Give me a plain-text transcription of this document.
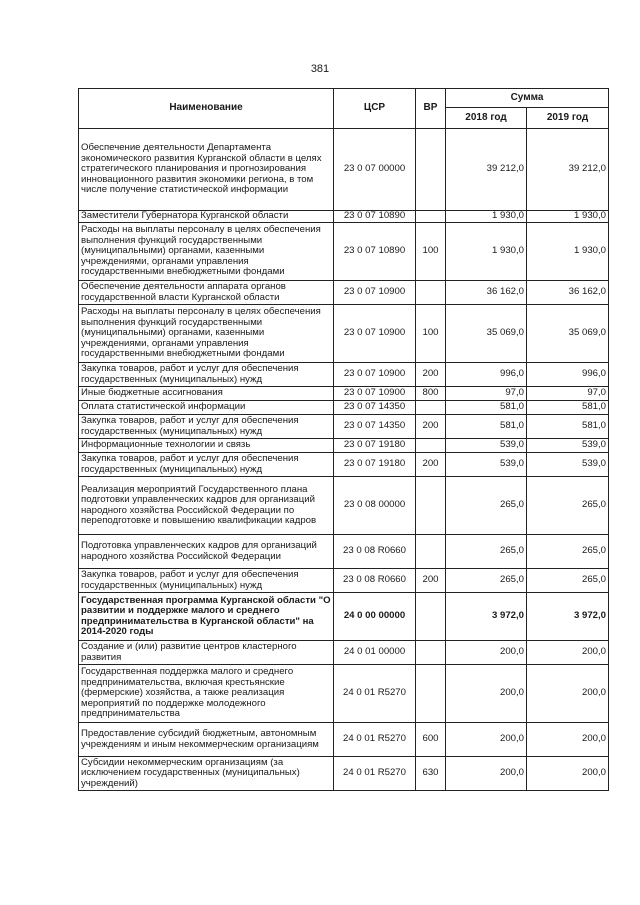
381
Наименование	ЦСР	ВР	Сумма	
			2018 год	2019 год
Обеспечение деятельности Департамента экономического развития Курганской области в целях стратегического планирования и прогнозирования инновационного развития экономики региона, в том числе получение статистической информации	23 0 07 00000		39 212,0	39 212,0
Заместители Губернатора Курганской области	23 0 07 10890		1 930,0	1 930,0
Расходы на выплаты персоналу в целях обеспечения выполнения функций государственными (муниципальными) органами, казенными учреждениями, органами управления государственными внебюджетными фондами	23 0 07 10890	100	1 930,0	1 930,0
Обеспечение деятельности аппарата органов государственной власти Курганской области	23 0 07 10900		36 162,0	36 162,0
Расходы на выплаты персоналу в целях обеспечения выполнения функций государственными (муниципальными) органами, казенными учреждениями, органами управления государственными внебюджетными фондами	23 0 07 10900	100	35 069,0	35 069,0
Закупка товаров, работ и услуг для обеспечения государственных (муниципальных) нужд	23 0 07 10900	200	996,0	996,0
Иные бюджетные ассигнования	23 0 07 10900	800	97,0	97,0
Оплата статистической информации	23 0 07 14350		581,0	581,0
Закупка товаров, работ и услуг для обеспечения государственных (муниципальных) нужд	23 0 07 14350	200	581,0	581,0
Информационные технологии и связь	23 0 07 19180		539,0	539,0
Закупка товаров, работ и услуг для обеспечения государственных (муниципальных) нужд	23 0 07 19180	200	539,0	539,0
Реализация мероприятий Государственного плана подготовки управленческих кадров для организаций народного хозяйства Российской Федерации по переподготовке и повышению квалификации кадров	23 0 08 00000		265,0	265,0
Подготовка управленческих кадров для организаций народного хозяйства Российской Федерации	23 0 08 R0660		265,0	265,0
Закупка товаров, работ и услуг для обеспечения государственных (муниципальных) нужд	23 0 08 R0660	200	265,0	265,0
Государственная программа Курганской области "О развитии и поддержке малого и среднего предпринимательства в Курганской области" на 2014-2020 годы	24 0 00 00000		3 972,0	3 972,0
Создание и (или) развитие центров кластерного развития	24 0 01 00000		200,0	200,0
Государственная поддержка малого и среднего предпринимательства, включая крестьянские (фермерские) хозяйства, а также реализация мероприятий по поддержке молодежного предпринимательства	24 0 01 R5270		200,0	200,0
Предоставление субсидий бюджетным, автономным учреждениям и иным некоммерческим организациям	24 0 01 R5270	600	200,0	200,0
Субсидии некоммерческим организациям (за исключением государственных (муниципальных) учреждений)	24 0 01 R5270	630	200,0	200,0
